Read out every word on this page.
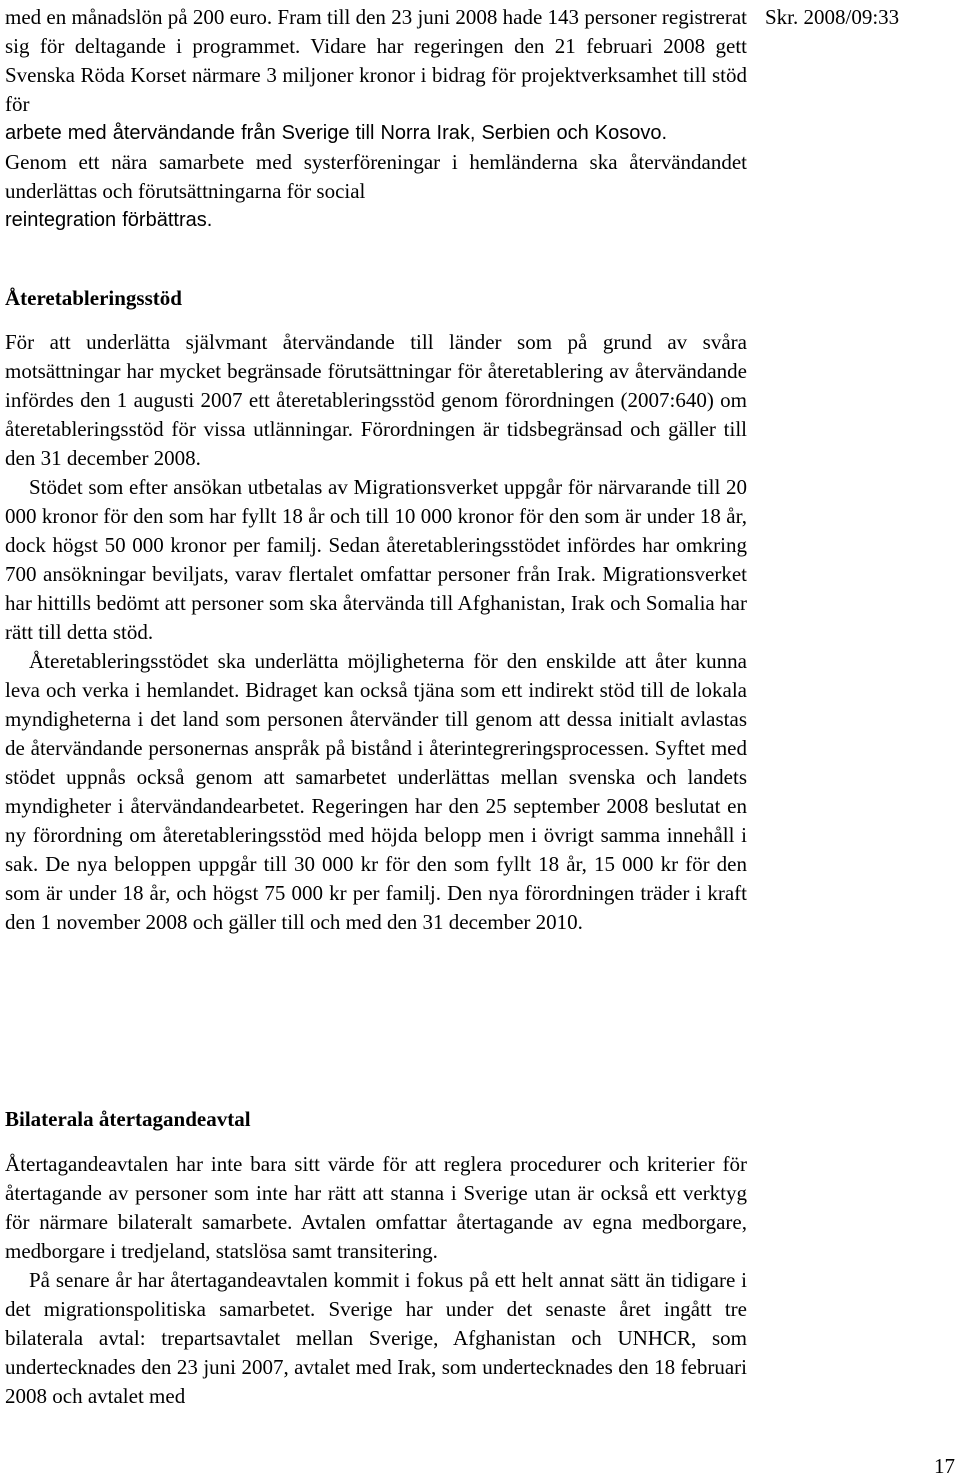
Skr. 2008/09:33

med en månadslön på 200 euro. Fram till den 23 juni 2008 hade 143 personer registrerat sig för deltagande i programmet. Vidare har regeringen den 21 februari 2008 gett Svenska Röda Korset närmare 3 miljoner kronor i bidrag för projektverksamhet till stöd för

arbete med återvändande från Sverige till Norra Irak, Serbien och Kosovo.

Genom ett nära samarbete med systerföreningar i hemländerna ska återvändandet underlättas och förutsättningarna för social

reintegration förbättras.

Återetableringsstöd

För att underlätta självmant återvändande till länder som på grund av svåra motsättningar har mycket begränsade förutsättningar för återetablering av återvändande infördes den 1 augusti 2007 ett återetableringsstöd genom förordningen (2007:640) om återetableringsstöd för vissa utlänningar. Förordningen är tidsbegränsad och gäller till den 31 december 2008.

Stödet som efter ansökan utbetalas av Migrationsverket uppgår för närvarande till 20 000 kronor för den som har fyllt 18 år och till 10 000 kronor för den som är under 18 år, dock högst 50 000 kronor per familj. Sedan återetableringsstödet infördes har omkring 700 ansökningar beviljats, varav flertalet omfattar personer från Irak. Migrationsverket har hittills bedömt att personer som ska återvända till Afghanistan, Irak och Somalia har rätt till detta stöd.

Återetableringsstödet ska underlätta möjligheterna för den enskilde att åter kunna leva och verka i hemlandet. Bidraget kan också tjäna som ett indirekt stöd till de lokala myndigheterna i det land som personen återvänder till genom att dessa initialt avlastas de återvändande personernas anspråk på bistånd i återintegreringsprocessen. Syftet med stödet uppnås också genom att samarbetet underlättas mellan svenska och landets myndigheter i återvändandearbetet. Regeringen har den 25 september 2008 beslutat en ny förordning om återetableringsstöd med höjda belopp men i övrigt samma innehåll i sak. De nya beloppen uppgår till 30 000 kr för den som fyllt 18 år, 15 000 kr för den som är under 18 år, och högst 75 000 kr per familj. Den nya förordningen träder i kraft den 1 november 2008 och gäller till och med den 31 december 2010.

Bilaterala återtagandeavtal

Återtagandeavtalen har inte bara sitt värde för att reglera procedurer och kriterier för återtagande av personer som inte har rätt att stanna i Sverige utan är också ett verktyg för närmare bilateralt samarbete. Avtalen omfattar återtagande av egna medborgare, medborgare i tredjeland, statslösa samt transitering.

På senare år har återtagandeavtalen kommit i fokus på ett helt annat sätt än tidigare i det migrationspolitiska samarbetet. Sverige har under det senaste året ingått tre bilaterala avtal: trepartsavtalet mellan Sverige, Afghanistan och UNHCR, som undertecknades den 23 juni 2007, avtalet med Irak, som undertecknades den 18 februari 2008 och avtalet med

17
